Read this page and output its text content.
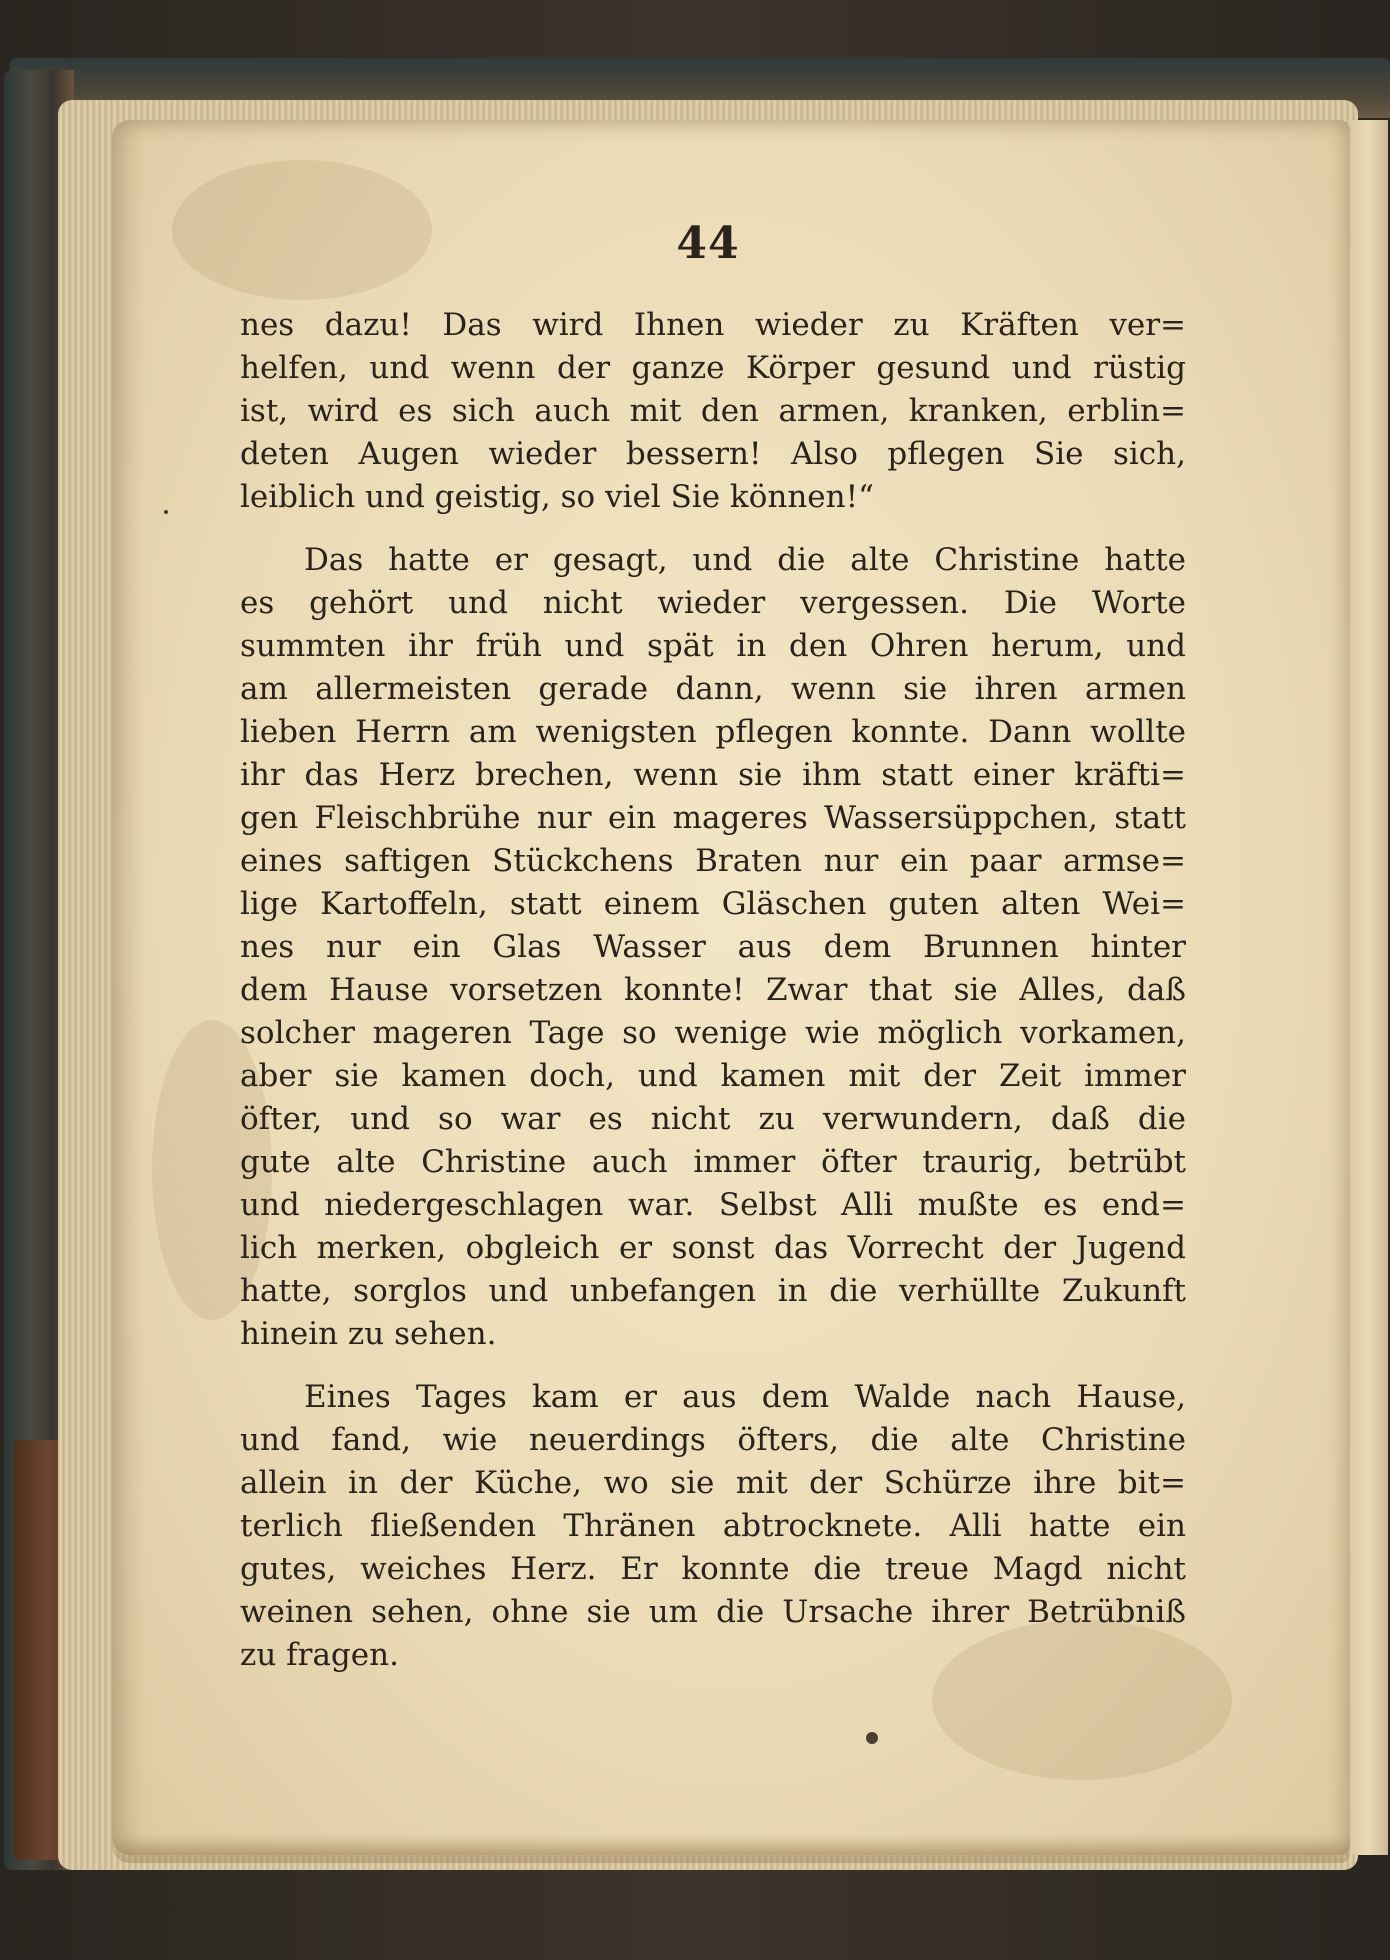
44
nes dazu! Das wird Ihnen wieder zu Kräften ver=
helfen, und wenn der ganze Körper gesund und rüstig
ist, wird es sich auch mit den armen, kranken, erblin=
deten Augen wieder bessern! Also pflegen Sie sich,
leiblich und geistig, so viel Sie können!“
Das hatte er gesagt, und die alte Christine hatte
es gehört und nicht wieder vergessen. Die Worte
summten ihr früh und spät in den Ohren herum, und
am allermeisten gerade dann, wenn sie ihren armen
lieben Herrn am wenigsten pflegen konnte. Dann wollte
ihr das Herz brechen, wenn sie ihm statt einer kräfti=
gen Fleischbrühe nur ein mageres Wassersüppchen, statt
eines saftigen Stückchens Braten nur ein paar armse=
lige Kartoffeln, statt einem Gläschen guten alten Wei=
nes nur ein Glas Wasser aus dem Brunnen hinter
dem Hause vorsetzen konnte! Zwar that sie Alles, daß
solcher mageren Tage so wenige wie möglich vorkamen,
aber sie kamen doch, und kamen mit der Zeit immer
öfter, und so war es nicht zu verwundern, daß die
gute alte Christine auch immer öfter traurig, betrübt
und niedergeschlagen war. Selbst Alli mußte es end=
lich merken, obgleich er sonst das Vorrecht der Jugend
hatte, sorglos und unbefangen in die verhüllte Zukunft
hinein zu sehen.
Eines Tages kam er aus dem Walde nach Hause,
und fand, wie neuerdings öfters, die alte Christine
allein in der Küche, wo sie mit der Schürze ihre bit=
terlich fließenden Thränen abtrocknete. Alli hatte ein
gutes, weiches Herz. Er konnte die treue Magd nicht
weinen sehen, ohne sie um die Ursache ihrer Betrübniß
zu fragen.
